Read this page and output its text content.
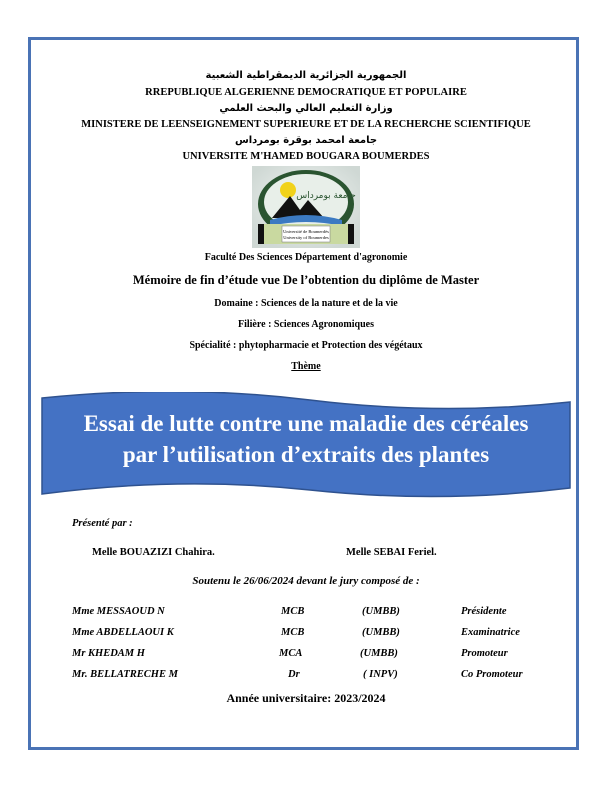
الجمهورية الجزائرية الديمقراطية الشعبية
RREPUBLIQUE ALGERIENNE DEMOCRATIQUE ET POPULAIRE
وزارة التعليم العالي والبحث العلمي
MINISTERE DE LEENSEIGNEMENT SUPERIEURE ET DE LA RECHERCHE SCIENTIFIQUE
جامعة امحمد بوقرة بومرداس
UNIVERSITE M'HAMED BOUGARA BOUMERDES
جامعة بومرداس
Université de Boumerdès
University of Boumerdes
Faculté Des Sciences Département d'agronomie
Mémoire de fin d’étude vue De l’obtention du diplôme de Master
Domaine : Sciences de la nature et de la vie
Filière : Sciences Agronomiques
Spécialité : phytopharmacie et Protection des végétaux
Thème
Essai de lutte contre une maladie des céréales
par l’utilisation d’extraits des plantes
Présenté par :
Melle BOUAZIZI Chahira.	Melle SEBAI Feriel.
Soutenu le 26/06/2024 devant le jury composé de :
Mme MESSAOUD N	MCB	(UMBB)	Présidente
Mme ABDELLAOUI K	MCB	(UMBB)	Examinatrice
Mr KHEDAM H	MCA	(UMBB)	Promoteur
Mr. BELLATRECHE M	Dr	( INPV)	Co Promoteur
Année universitaire: 2023/2024
